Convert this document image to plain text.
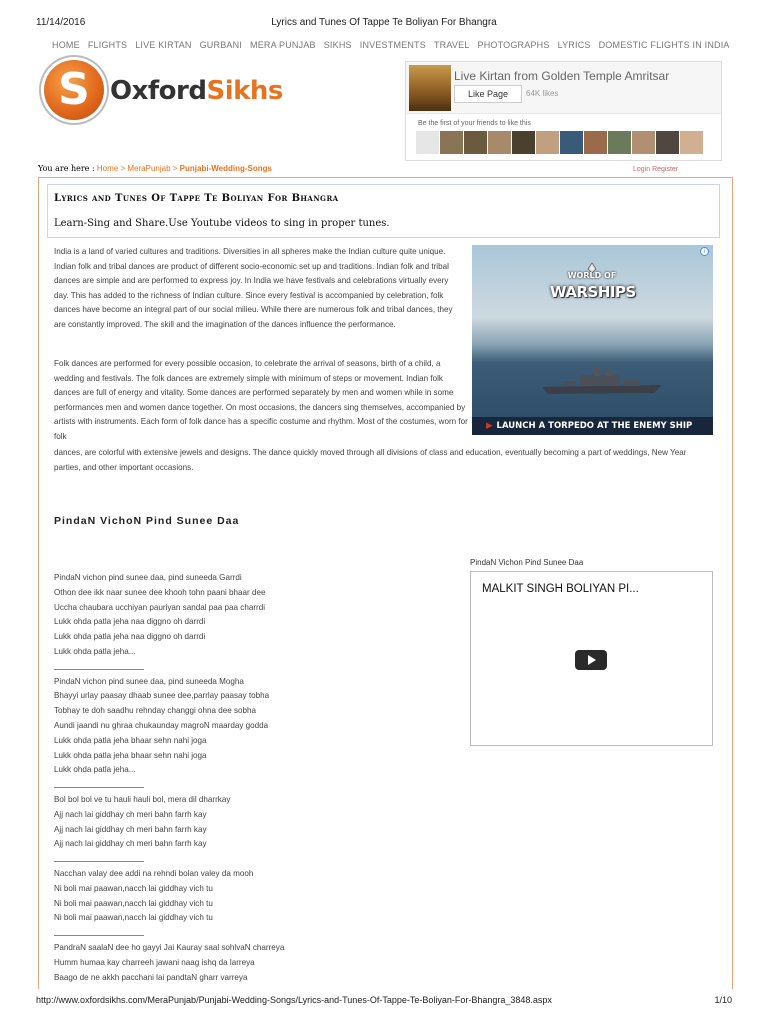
11/14/2016	Lyrics and Tunes Of Tappe Te Boliyan For Bhangra
HOME FLIGHTS LIVE KIRTAN GURBANI MERA PUNJAB SIKHS INVESTMENTS TRAVEL PHOTOGRAPHS LYRICS DOMESTIC FLIGHTS IN INDIA
S OxfordSikhs	Live Kirtan from Golden Temple Amritsar
Like Page	64K likes
Be the first of your friends to like this
Login Register
You are here : Home > MeraPunjab > Punjabi-Wedding-Songs
Lyrics and Tunes Of Tappe Te Boliyan For Bhangra
Learn-Sing and Share.Use Youtube videos to sing in proper tunes.
India is a land of varied cultures and traditions. Diversities in all spheres make the Indian culture quite unique. Indian folk and tribal dances are product of different socio-economic set up and traditions. Indian folk and tribal dances are simple and are performed to express joy. In India we have festivals and celebrations virtually every day. This has added to the richness of Indian culture. Since every festival is accompanied by celebration, folk dances have become an integral part of our social milieu. While there are numerous folk and tribal dances, they are constantly improved. The skill and the imagination of the dances influence the performance.
i
WORLD OF
WARSHIPS
▶ LAUNCH A TORPEDO AT THE ENEMY SHIP
Folk dances are performed for every possible occasion, to celebrate the arrival of seasons, birth of a child, a wedding and festivals. The folk dances are extremely simple with minimum of steps or movement. Indian folk dances are full of energy and vitality. Some dances are performed separately by men and women while in some performances men and women dance together. On most occasions, the dancers sing themselves, accompanied by artists with instruments. Each form of folk dance has a specific costume and rhythm. Most of the costumes, worn for folk
dances, are colorful with extensive jewels and designs. The dance quickly moved through all divisions of class and education, eventually becoming a part of weddings, New Year parties, and other important occasions.
PindaN VichoN Pind Sunee Daa
PindaN Vichon Pind Sunee Daa
MALKIT SINGH BOLIYAN PI...
PindaN vichon pind sunee daa, pind suneeda Garrdi
Othon dee ikk naar sunee dee khooh tohn paani bhaar dee
Uccha chaubara ucchiyan pauriyan sandal paa paa charrdi
Lukk ohda patla jeha naa diggno oh darrdi
Lukk ohda patla jeha naa diggno oh darrdi
Lukk ohda patla jeha...
PindaN vichon pind sunee daa, pind suneeda Mogha
Bhayyi urlay paasay dhaab sunee dee,parrlay paasay tobha
Tobhay te doh saadhu rehnday changgi ohna dee sobha
Aundi jaandi nu ghraa chukaunday magroN maarday godda
Lukk ohda patla jeha bhaar sehn nahi joga
Lukk ohda patla jeha bhaar sehn nahi joga
Lukk ohda patla jeha...
Bol bol bol ve tu hauli hauli bol, mera dil dharrkay
Ajj nach lai giddhay ch meri bahn farrh kay
Ajj nach lai giddhay ch meri bahn farrh kay
Ajj nach lai giddhay ch meri bahn farrh kay
Nacchan valay dee addi na rehndi bolan valey da mooh
Ni boli mai paawan,nacch lai giddhay vich tu
Ni boli mai paawan,nacch lai giddhay vich tu
Ni boli mai paawan,nacch lai giddhay vich tu
PandraN saalaN dee ho gayyi Jai Kauray saal sohlvaN charreya
Humm humaa kay charreeh jawani naag ishq da larreya
Baago de ne akkh pacchani lai pandtaN gharr varreya
http://www.oxfordsikhs.com/MeraPunjab/Punjabi-Wedding-Songs/Lyrics-and-Tunes-Of-Tappe-Te-Boliyan-For-Bhangra_3848.aspx	1/10
